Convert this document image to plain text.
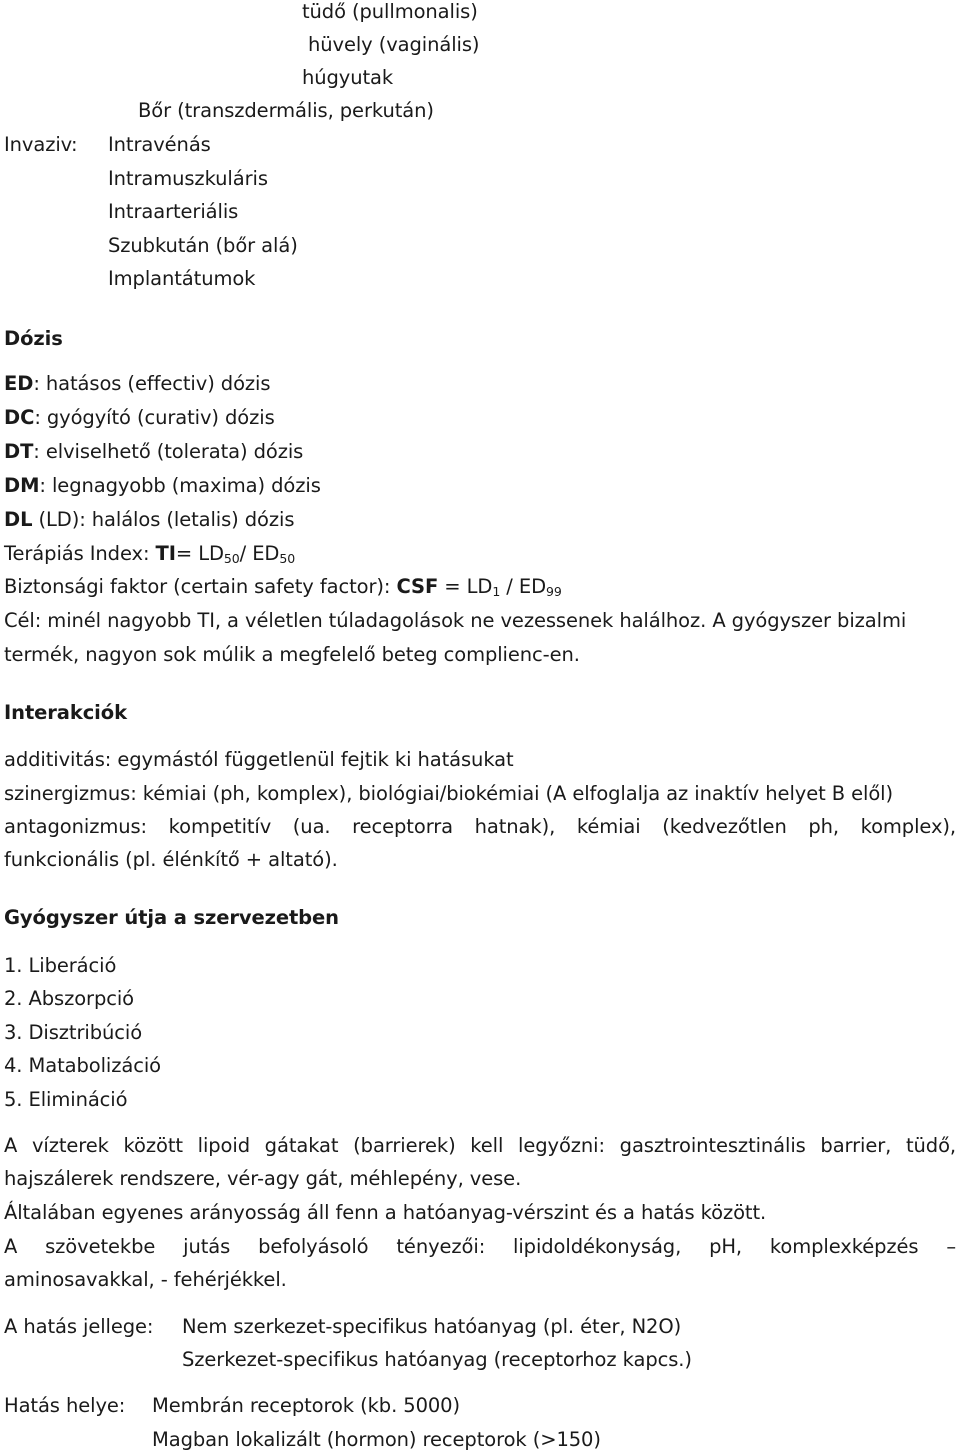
tüdő (pullmonalis)

hüvely (vaginális)

húgyutak

Bőr (transzdermális, perkután)

Invaziv: Intravénás

Intramuszkuláris

Intraarteriális

Szubkután (bőr alá)

Implantátumok

Dózis

ED: hatásos (effectiv) dózis

DC: gyógyító (curativ) dózis

DT: elviselhető (tolerata) dózis

DM: legnagyobb (maxima) dózis

DL (LD): halálos (letalis) dózis

Terápiás Index: $TI= LD_{50}/$ $ED_{50}$

Biztonsági faktor (certain safety factor): CSF = $LD_1 / ED_{99}$

Cél: minél nagyobb TI, a véletlen túladagolások ne vezessenek halálhoz. A gyógyszer bizalmi

termék, nagyon sok múlik a megfelelő beteg complienc-en.

Interakciók

additivitás: egymástól függetlenül fejtik ki hatásukat

szinergizmus: kémiai (ph, komplex), biológiai/biokémiai (A elfoglalja az inaktív helyet B elől)

antagonizmus: kompetitív (ua. receptorra hatnak), kémiai (kedvezőtlen ph, komplex),

funkcionális (pl. élénkítő + altató).

Gyógyszer útja a szervezetben

1. Liberáció

2. Abszorpció

3. Disztribúció

4. Matabolizáció

5. Elimináció

A vízterek között lipoid gátakat (barrierek) kell legyőzni: gasztrointesztinális barrier, tüdő,

hajszálerek rendszere, vér-agy gát, méhlepény, vese.

Általában egyenes arányosság áll fenn a hatóanyag-vérszint és a hatás között.

A szövetekbe jutás befolyásoló tényezői: lipidoldékonyság, pH, komplexképzés –

aminosavakkal, - fehérjékkel.

A hatás jellege: Nem szerkezet-specifikus hatóanyag (pl. éter, N2O)

Szerkezet-specifikus hatóanyag (receptorhoz kapcs.)

Hatás helye: Membrán receptorok (kb. 5000)

Magban lokalizált (hormon) receptorok (>150)
